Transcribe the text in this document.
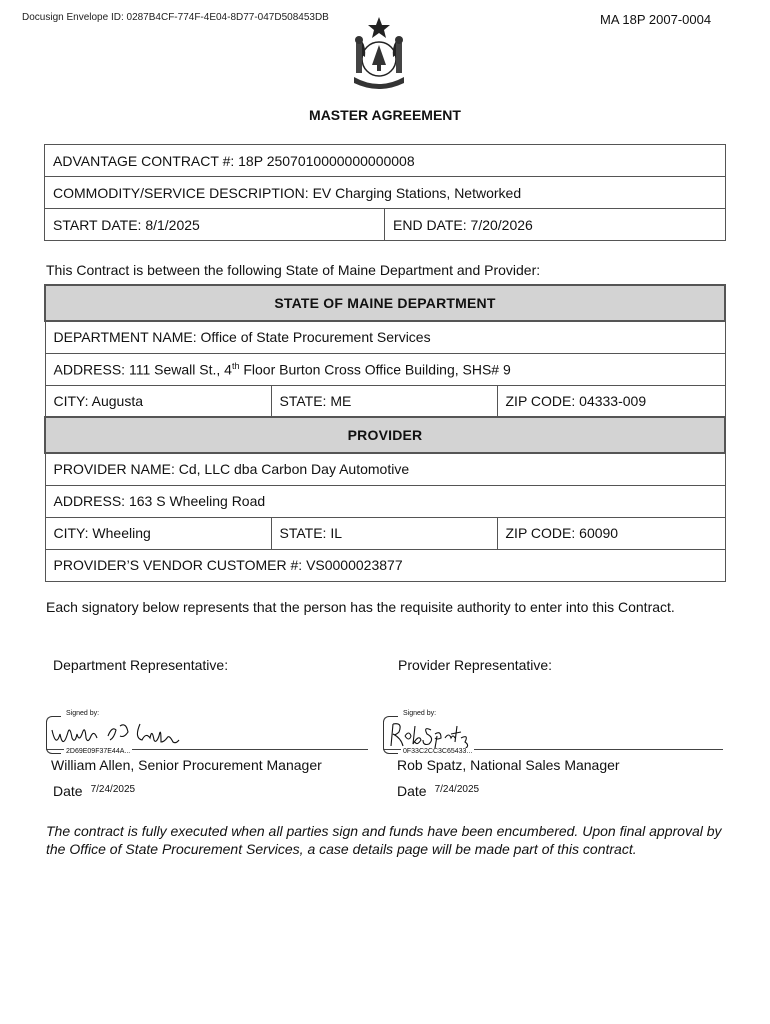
Docusign Envelope ID: 0287B4CF-774F-4E04-8D77-047D508453DB	MA 18P 2007-0004
MASTER AGREEMENT
ADVANTAGE CONTRACT #: 18P 2507010000000000008
COMMODITY/SERVICE DESCRIPTION: EV Charging Stations, Networked
START DATE: 8/1/2025	END DATE: 7/20/2026
This Contract is between the following State of Maine Department and Provider:
STATE OF MAINE DEPARTMENT		
DEPARTMENT NAME: Office of State Procurement Services		
ADDRESS: 111 Sewall St., 4th Floor Burton Cross Office Building, SHS# 9		
CITY: Augusta	STATE: ME	ZIP CODE: 04333-009
PROVIDER		
PROVIDER NAME: Cd, LLC dba Carbon Day Automotive		
ADDRESS: 163 S Wheeling Road		
CITY: Wheeling	STATE: IL	ZIP CODE: 60090
PROVIDER’S VENDOR CUSTOMER #: VS0000023877		
Each signatory below represents that the person has the requisite authority to enter into this Contract.
Department Representative:	Provider Representative:
Signed by:
2D69E09F37E44A...
Signed by:
0F33C2CC3C65433...
William Allen, Senior Procurement Manager	Rob Spatz, National Sales Manager
Date $^{7/24/2025}$	Date $^{7/24/2025}$
The contract is fully executed when all parties sign and funds have been encumbered. Upon final approval by the Office of State Procurement Services, a case details page will be made part of this contract.
